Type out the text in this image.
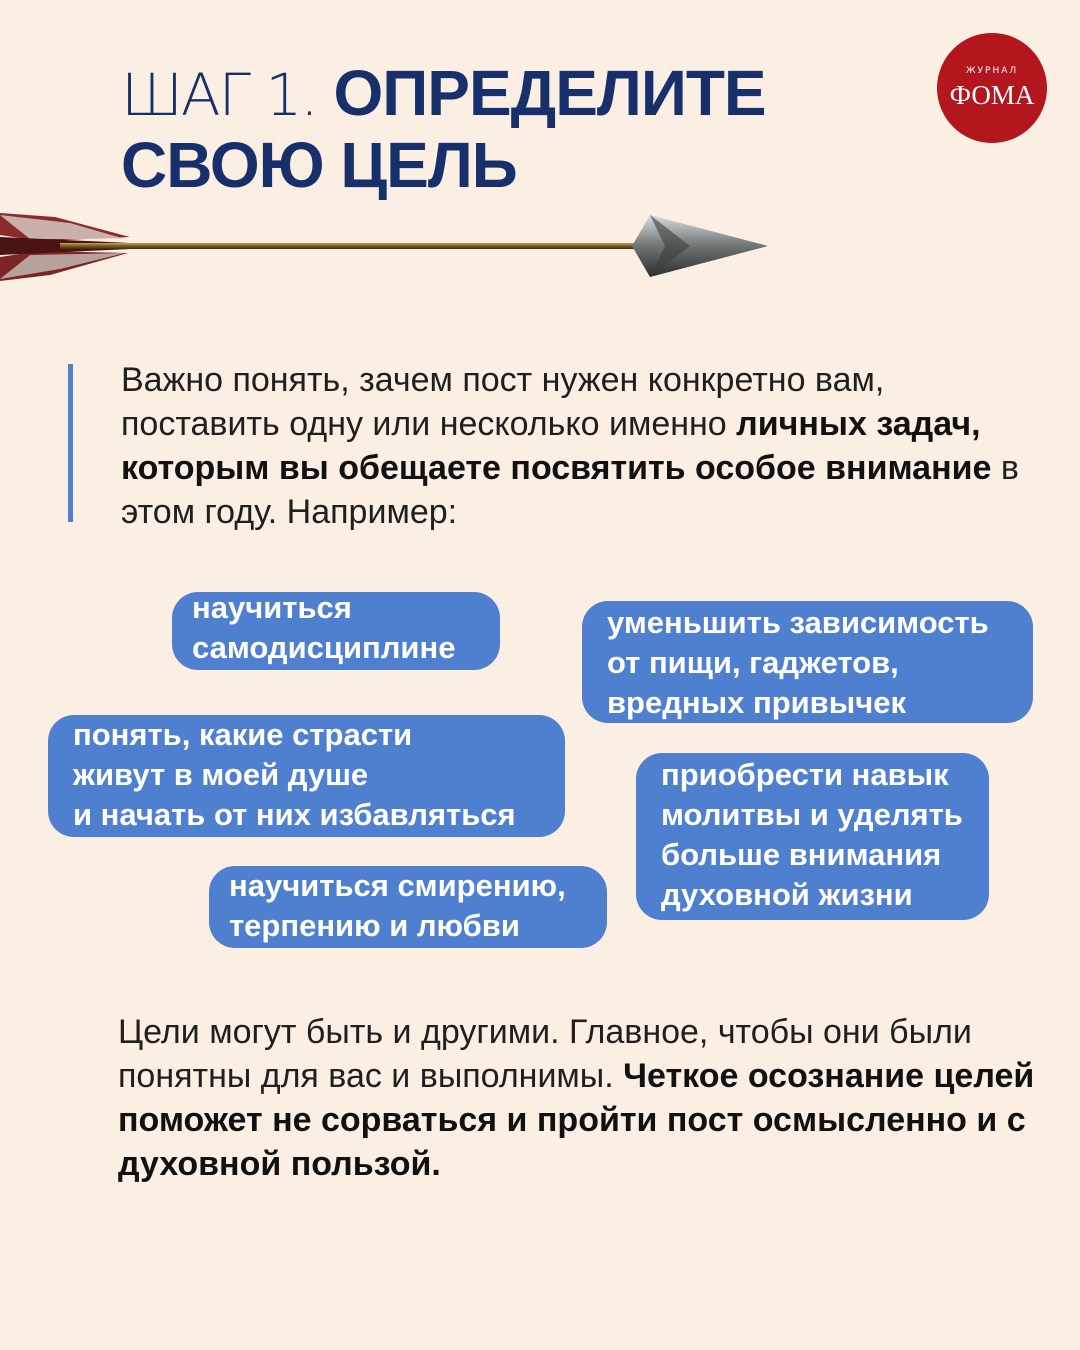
ШАГ 1. ОПРЕДЕЛИТЕ
СВОЮ ЦЕЛЬ
ЖУРНАЛ
ФОМА

Важно понять, зачем пост нужен конкретно вам, поставить одну или несколько именно личных задач, которым вы обещаете посвятить особое внимание в этом году. Например:

научиться
самодисциплине
уменьшить зависимость
от пищи, гаджетов,
вредных привычек
понять, какие страсти
живут в моей душе
и начать от них избавляться
приобрести навык
молитвы и уделять
больше внимания
духовной жизни
научиться смирению,
терпению и любви

Цели могут быть и другими. Главное, чтобы они были понятны для вас и выполнимы. Четкое осознание целей поможет не сорваться и пройти пост осмысленно и с духовной пользой.
